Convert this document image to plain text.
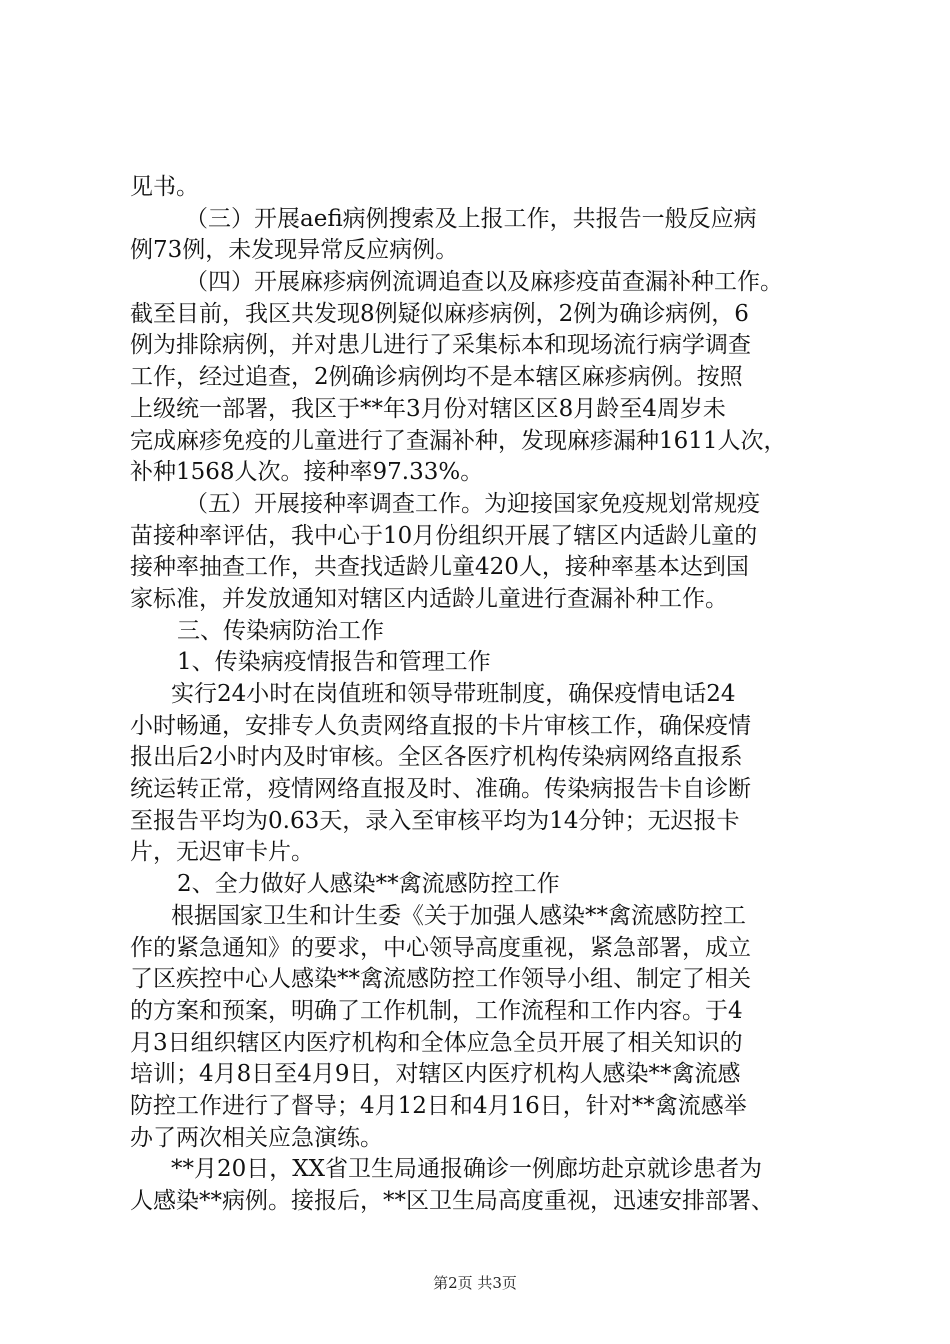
见书。
（三）开展aefi病例搜索及上报工作，共报告一般反应病
例73例，未发现异常反应病例。
（四）开展麻疹病例流调追查以及麻疹疫苗查漏补种工作。
截至目前，我区共发现8例疑似麻疹病例，2例为确诊病例，6
例为排除病例，并对患儿进行了采集标本和现场流行病学调查
工作，经过追查，2例确诊病例均不是本辖区麻疹病例。按照
上级统一部署，我区于**年3月份对辖区区8月龄至4周岁未
完成麻疹免疫的儿童进行了查漏补种，发现麻疹漏种1611人次，
补种1568人次。接种率97.33%。
（五）开展接种率调查工作。为迎接国家免疫规划常规疫
苗接种率评估，我中心于10月份组织开展了辖区内适龄儿童的
接种率抽查工作，共查找适龄儿童420人，接种率基本达到国
家标准，并发放通知对辖区内适龄儿童进行查漏补种工作。
三、传染病防治工作
1、传染病疫情报告和管理工作
实行24小时在岗值班和领导带班制度，确保疫情电话24
小时畅通，安排专人负责网络直报的卡片审核工作，确保疫情
报出后2小时内及时审核。全区各医疗机构传染病网络直报系
统运转正常，疫情网络直报及时、准确。传染病报告卡自诊断
至报告平均为0.63天，录入至审核平均为14分钟；无迟报卡
片，无迟审卡片。
2、全力做好人感染**禽流感防控工作
根据国家卫生和计生委《关于加强人感染**禽流感防控工
作的紧急通知》的要求，中心领导高度重视，紧急部署，成立
了区疾控中心人感染**禽流感防控工作领导小组、制定了相关
的方案和预案，明确了工作机制，工作流程和工作内容。于4
月3日组织辖区内医疗机构和全体应急全员开展了相关知识的
培训；4月8日至4月9日，对辖区内医疗机构人感染**禽流感
防控工作进行了督导；4月12日和4月16日，针对**禽流感举
办了两次相关应急演练。
**月20日，XX省卫生局通报确诊一例廊坊赴京就诊患者为
人感染**病例。接报后，**区卫生局高度重视，迅速安排部署、
第2页 共3页
